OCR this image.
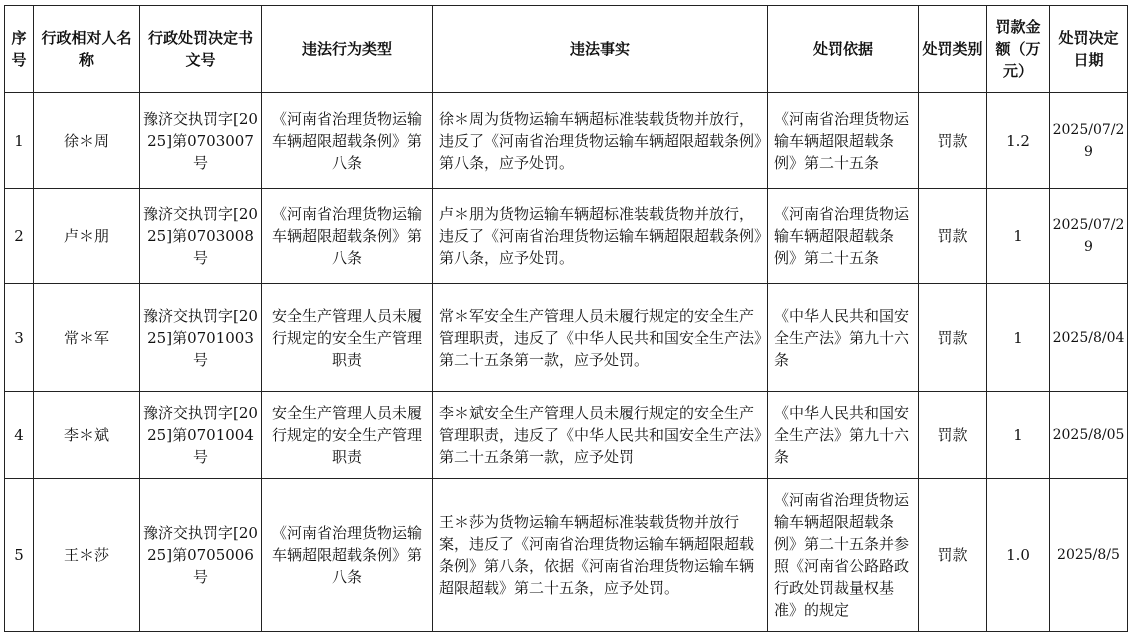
序号	行政相对人名称	行政处罚决定书文号	违法行为类型	违法事实	处罚依据	处罚类别	罚款金额（万元）	处罚决定日期
1	徐＊周	豫济交执罚字[2025]第0703007号	《河南省治理货物运输车辆超限超载条例》第八条	徐＊周为货物运输车辆超标准装载货物并放行，违反了《河南省治理货物运输车辆超限超载条例》第八条，应予处罚。	《河南省治理货物运输车辆超限超载条例》第二十五条	罚款	1.2	2025/07/29
2	卢＊朋	豫济交执罚字[2025]第0703008号	《河南省治理货物运输车辆超限超载条例》第八条	卢＊朋为货物运输车辆超标准装载货物并放行，违反了《河南省治理货物运输车辆超限超载条例》第八条，应予处罚。	《河南省治理货物运输车辆超限超载条例》第二十五条	罚款	1	2025/07/29
3	常＊军	豫济交执罚字[2025]第0701003号	安全生产管理人员未履行规定的安全生产管理职责	常＊军安全生产管理人员未履行规定的安全生产管理职责，违反了《中华人民共和国安全生产法》第二十五条第一款，应予处罚。	《中华人民共和国安全生产法》第九十六条	罚款	1	2025/8/04
4	李＊斌	豫济交执罚字[2025]第0701004号	安全生产管理人员未履行规定的安全生产管理职责	李＊斌安全生产管理人员未履行规定的安全生产管理职责，违反了《中华人民共和国安全生产法》第二十五条第一款，应予处罚	《中华人民共和国安全生产法》第九十六条	罚款	1	2025/8/05
5	王＊莎	豫济交执罚字[2025]第0705006号	《河南省治理货物运输车辆超限超载条例》第八条	王＊莎为货物运输车辆超标准装载货物并放行案，违反了《河南省治理货物运输车辆超限超载条例》第八条，依据《河南省治理货物运输车辆超限超载》第二十五条，应予处罚。	《河南省治理货物运输车辆超限超载条例》第二十五条并参照《河南省公路路政行政处罚裁量权基准》的规定	罚款	1.0	2025/8/5
